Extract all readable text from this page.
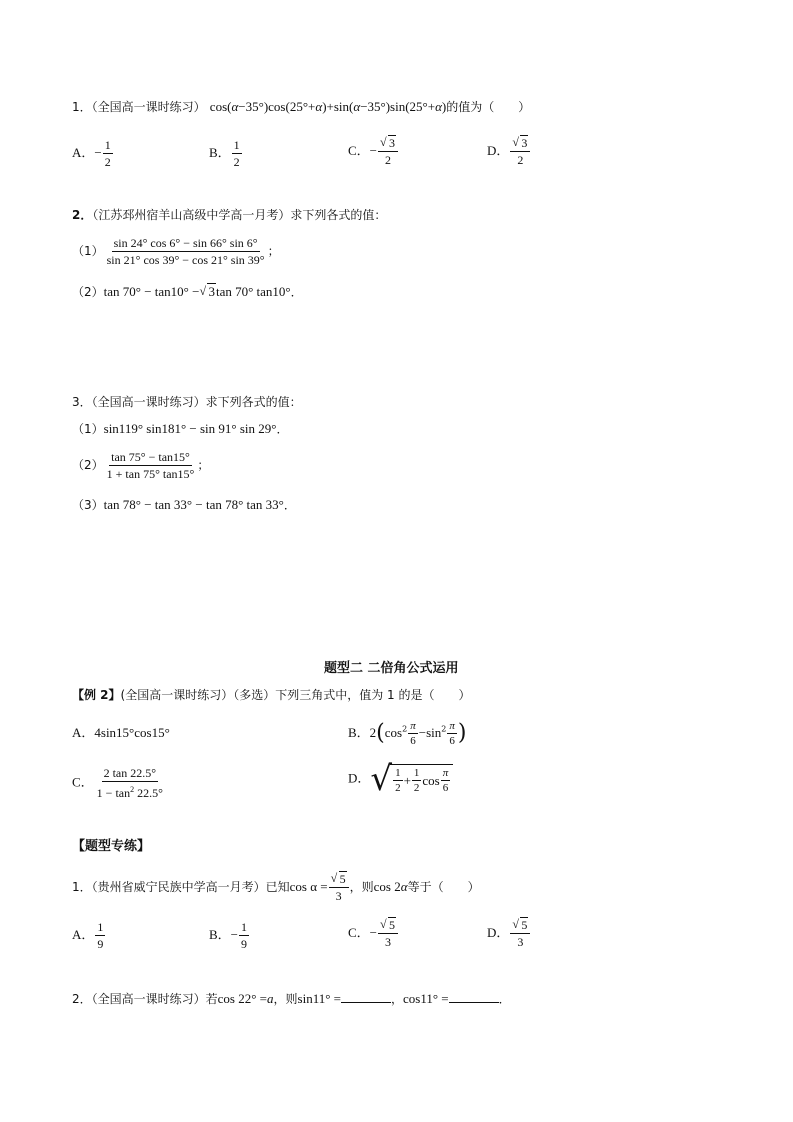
1．（全国高一课时练习） cos(α−35°)cos(25°+α)+sin(α−35°)sin(25°+α)的值为（　　）
A．− $\frac{1}{2}$	B． $\frac{1}{2}$	C．− √ $\frac{3}{2}$	D． √ $\frac{3}{2}$
2．（江苏邳州宿羊山高级中学高一月考）求下列各式的值：
$(1) \frac{\sin 24^\circ \cos 6^\circ - \sin 66^\circ \sin 6^\circ}{\sin 21^\circ \cos 39^\circ - \cos 21^\circ \sin 39^\circ}$ ；
（2）tan 70° − tan10° − √ 3tan 70° tan10°．
3．（全国高一课时练习）求下列各式的值：
（1）sin119° sin181° − sin 91° sin 29°．
$(2) \frac{\tan 75^\circ - \tan 15^\circ}{1 + \tan 75^\circ \tan 15^\circ}$ ；
（3）tan 78° − tan 33° − tan 78° tan 33°．
题型二 二倍角公式运用
【例 2】(全国高一课时练习）（多选）下列三角式中，值为 1 的是（　　）
A．4sin15°cos15°	B．$2(\cos^2 \frac{\pi}{6} -\sin^2 \frac{\pi}{6}$ )
C． $\frac{2 \tan 22.5^\circ}{1 - \tan^2 22.5^\circ}$	D． √ $\frac{1}{2} + \frac{1}{2}$ $\cos \frac{\pi}{6}$
【题型专练】
1．（贵州省威宁民族中学高一月考）已知cos α = √ $\frac{5}{3}$ ，则cos 2α等于（　　）
A． $\frac{1}{9}$	B．− $\frac{1}{9}$	C．− √ $\frac{5}{3}$	D． √ $\frac{5}{3}$
2．（全国高一课时练习）若cos 22° =a，则sin11° =	，cos11° =	．
